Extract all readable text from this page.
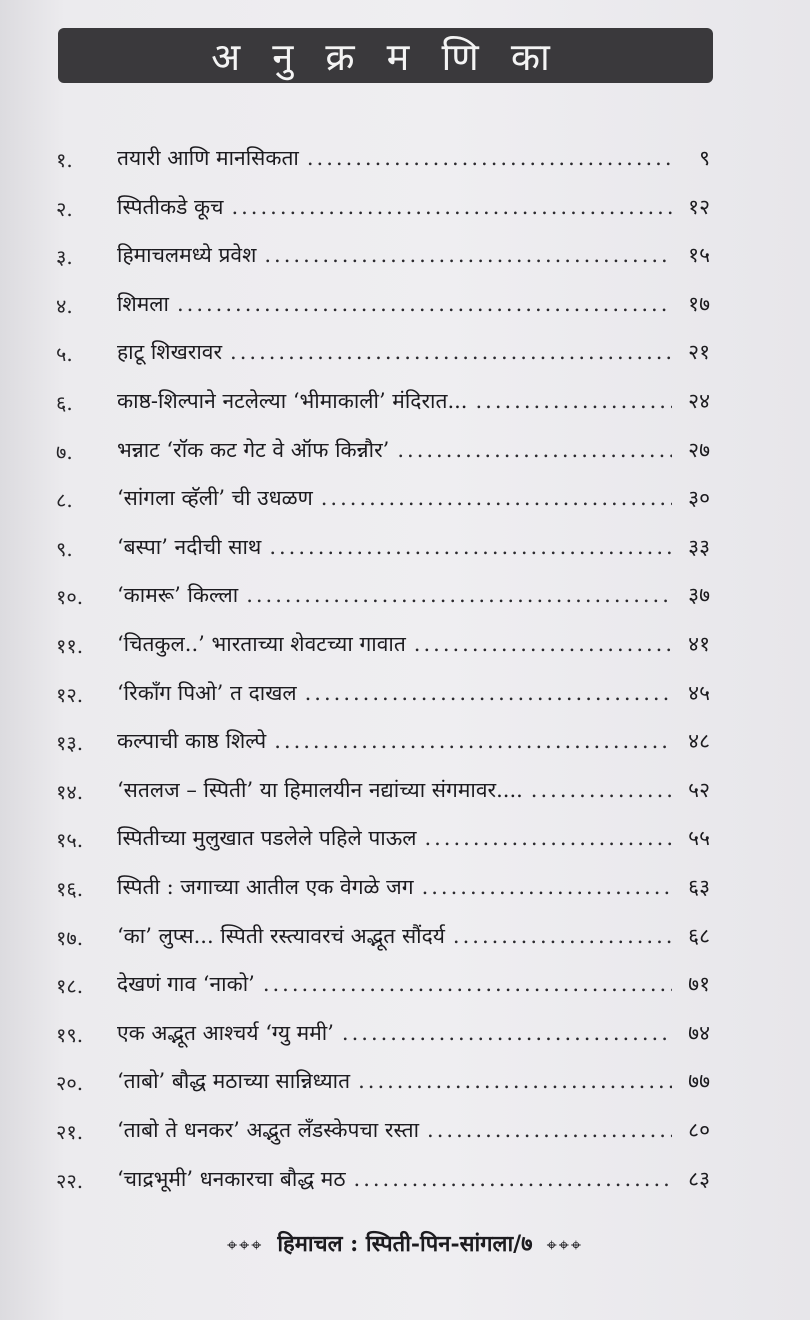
अ नु क्र म णि का
१.	तयारी आणि मानसिकता .....	९
२.	स्पितीकडे कूच .....	१२
३.	हिमाचलमध्ये प्रवेश .....	१५
४.	शिमला .....	१७
५.	हाटू शिखरावर .....	२१
६.	काष्ठ-शिल्पाने नटलेल्या ‘भीमाकाली’ मंदिरात... .....	२४
७.	भन्नाट ‘रॉक कट गेट वे ऑफ किन्नौर’ .....	२७
८.	‘सांगला व्हॅली’ ची उधळण .....	३०
९.	‘बस्पा’ नदीची साथ .....	३३
१०.	‘कामरू’ किल्ला .....	३७
११.	‘चितकुल..’ भारताच्या शेवटच्या गावात .....	४१
१२.	‘रिकाँग पिओ’ त दाखल .....	४५
१३.	कल्पाची काष्ठ शिल्पे .....	४८
१४.	‘सतलज – स्पिती’ या हिमालयीन नद्यांच्या संगमावर.... .....	५२
१५.	स्पितीच्या मुलुखात पडलेले पहिले पाऊल .....	५५
१६.	स्पिती : जगाच्या आतील एक वेगळे जग .....	६३
१७.	‘का’ लुप्स... स्पिती रस्त्यावरचं अद्भूत सौंदर्य .....	६८
१८.	देखणं गाव ‘नाको’ .....	७१
१९.	एक अद्भूत आश्चर्य ‘ग्यु ममी’ .....	७४
२०.	‘ताबो’ बौद्ध मठाच्या सान्निध्यात .....	७७
२१.	‘ताबो ते धनकर’ अद्भुत लॅंडस्केपचा रस्ता .....	८०
२२.	‘चाद्रभूमी’ धनकारचा बौद्ध मठ .....	८३
⌖⌖⌖ हिमाचल : स्पिती-पिन-सांगला/७ ⌖⌖⌖
